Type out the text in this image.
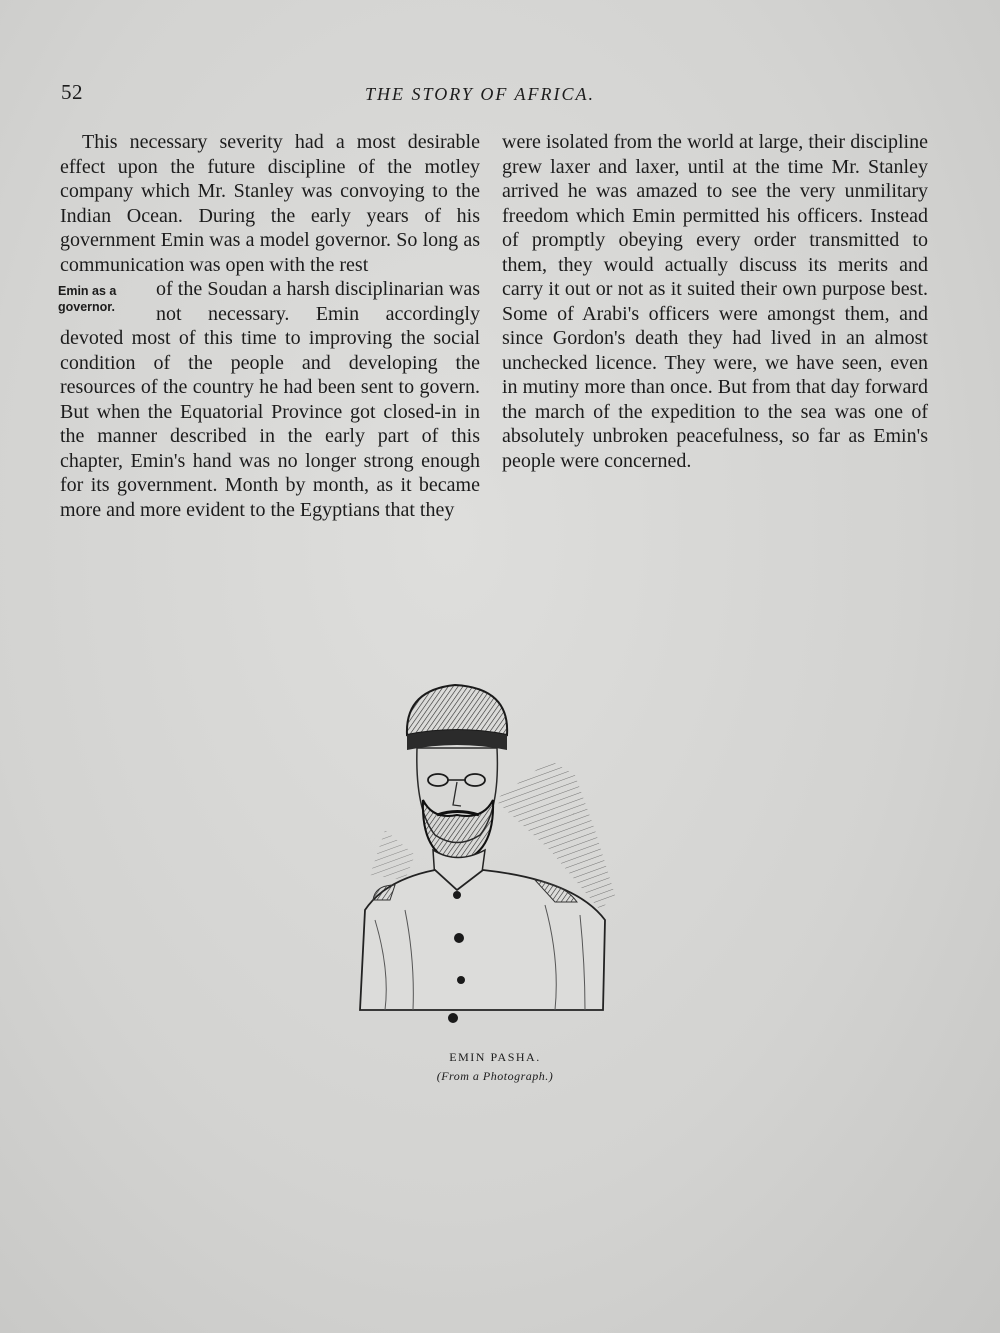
52	THE STORY OF AFRICA.

This necessary severity had a most desirable effect upon the future discipline of the motley company which Mr. Stanley was convoying to the Indian Ocean. During the early years of his government Emin was a model governor. So long as communication was open with the rest

Emin as a
governor.
of the Soudan a harsh disciplinarian was not necessary. Emin accordingly devoted most of this time to improving the social condition of the people and developing the resources of the country he had been sent to govern. But when the Equatorial Province got closed-in in the manner described in the early part of this chapter, Emin's hand was no longer strong enough for its government. Month by month, as it became more and more evident to the Egyptians that they

were isolated from the world at large, their discipline grew laxer and laxer, until at the time Mr. Stanley arrived he was amazed to see the very unmilitary freedom which Emin permitted his officers. Instead of promptly obeying every order transmitted to them, they would actually discuss its merits and carry it out or not as it suited their own purpose best. Some of Arabi's officers were amongst them, and since Gordon's death they had lived in an almost unchecked licence. They were, we have seen, even in mutiny more than once. But from that day forward the march of the expedition to the sea was one of absolutely unbroken peacefulness, so far as Emin's people were concerned.

EMIN PASHA.
(From a Photograph.)
